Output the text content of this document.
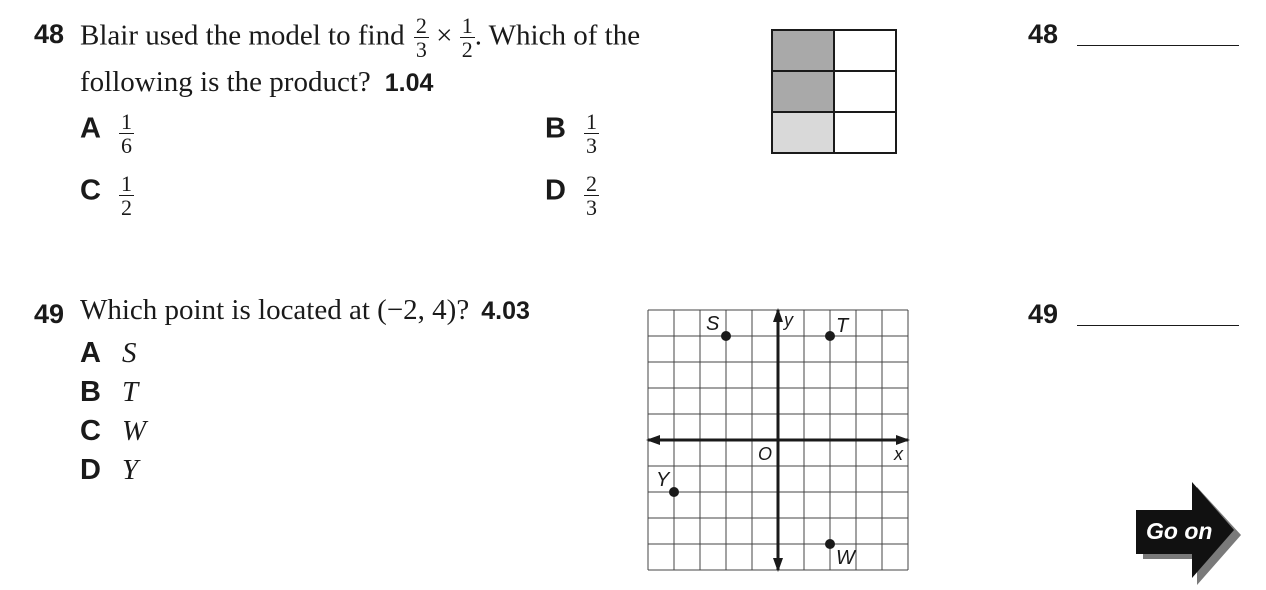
48 Blair used the model to find $\frac{2}{3} \times \frac{1}{2}$ . Which of the
following is the product? 1.04
A $\frac{1}{6}$	B $\frac{1}{3}$
C $\frac{1}{2}$	D $\frac{2}{3}$
48
49 Which point is located at (−2, 4)? 4.03
A S
B T
C W
D Y	x
y
O
S	T
W
Y
49
Go on
